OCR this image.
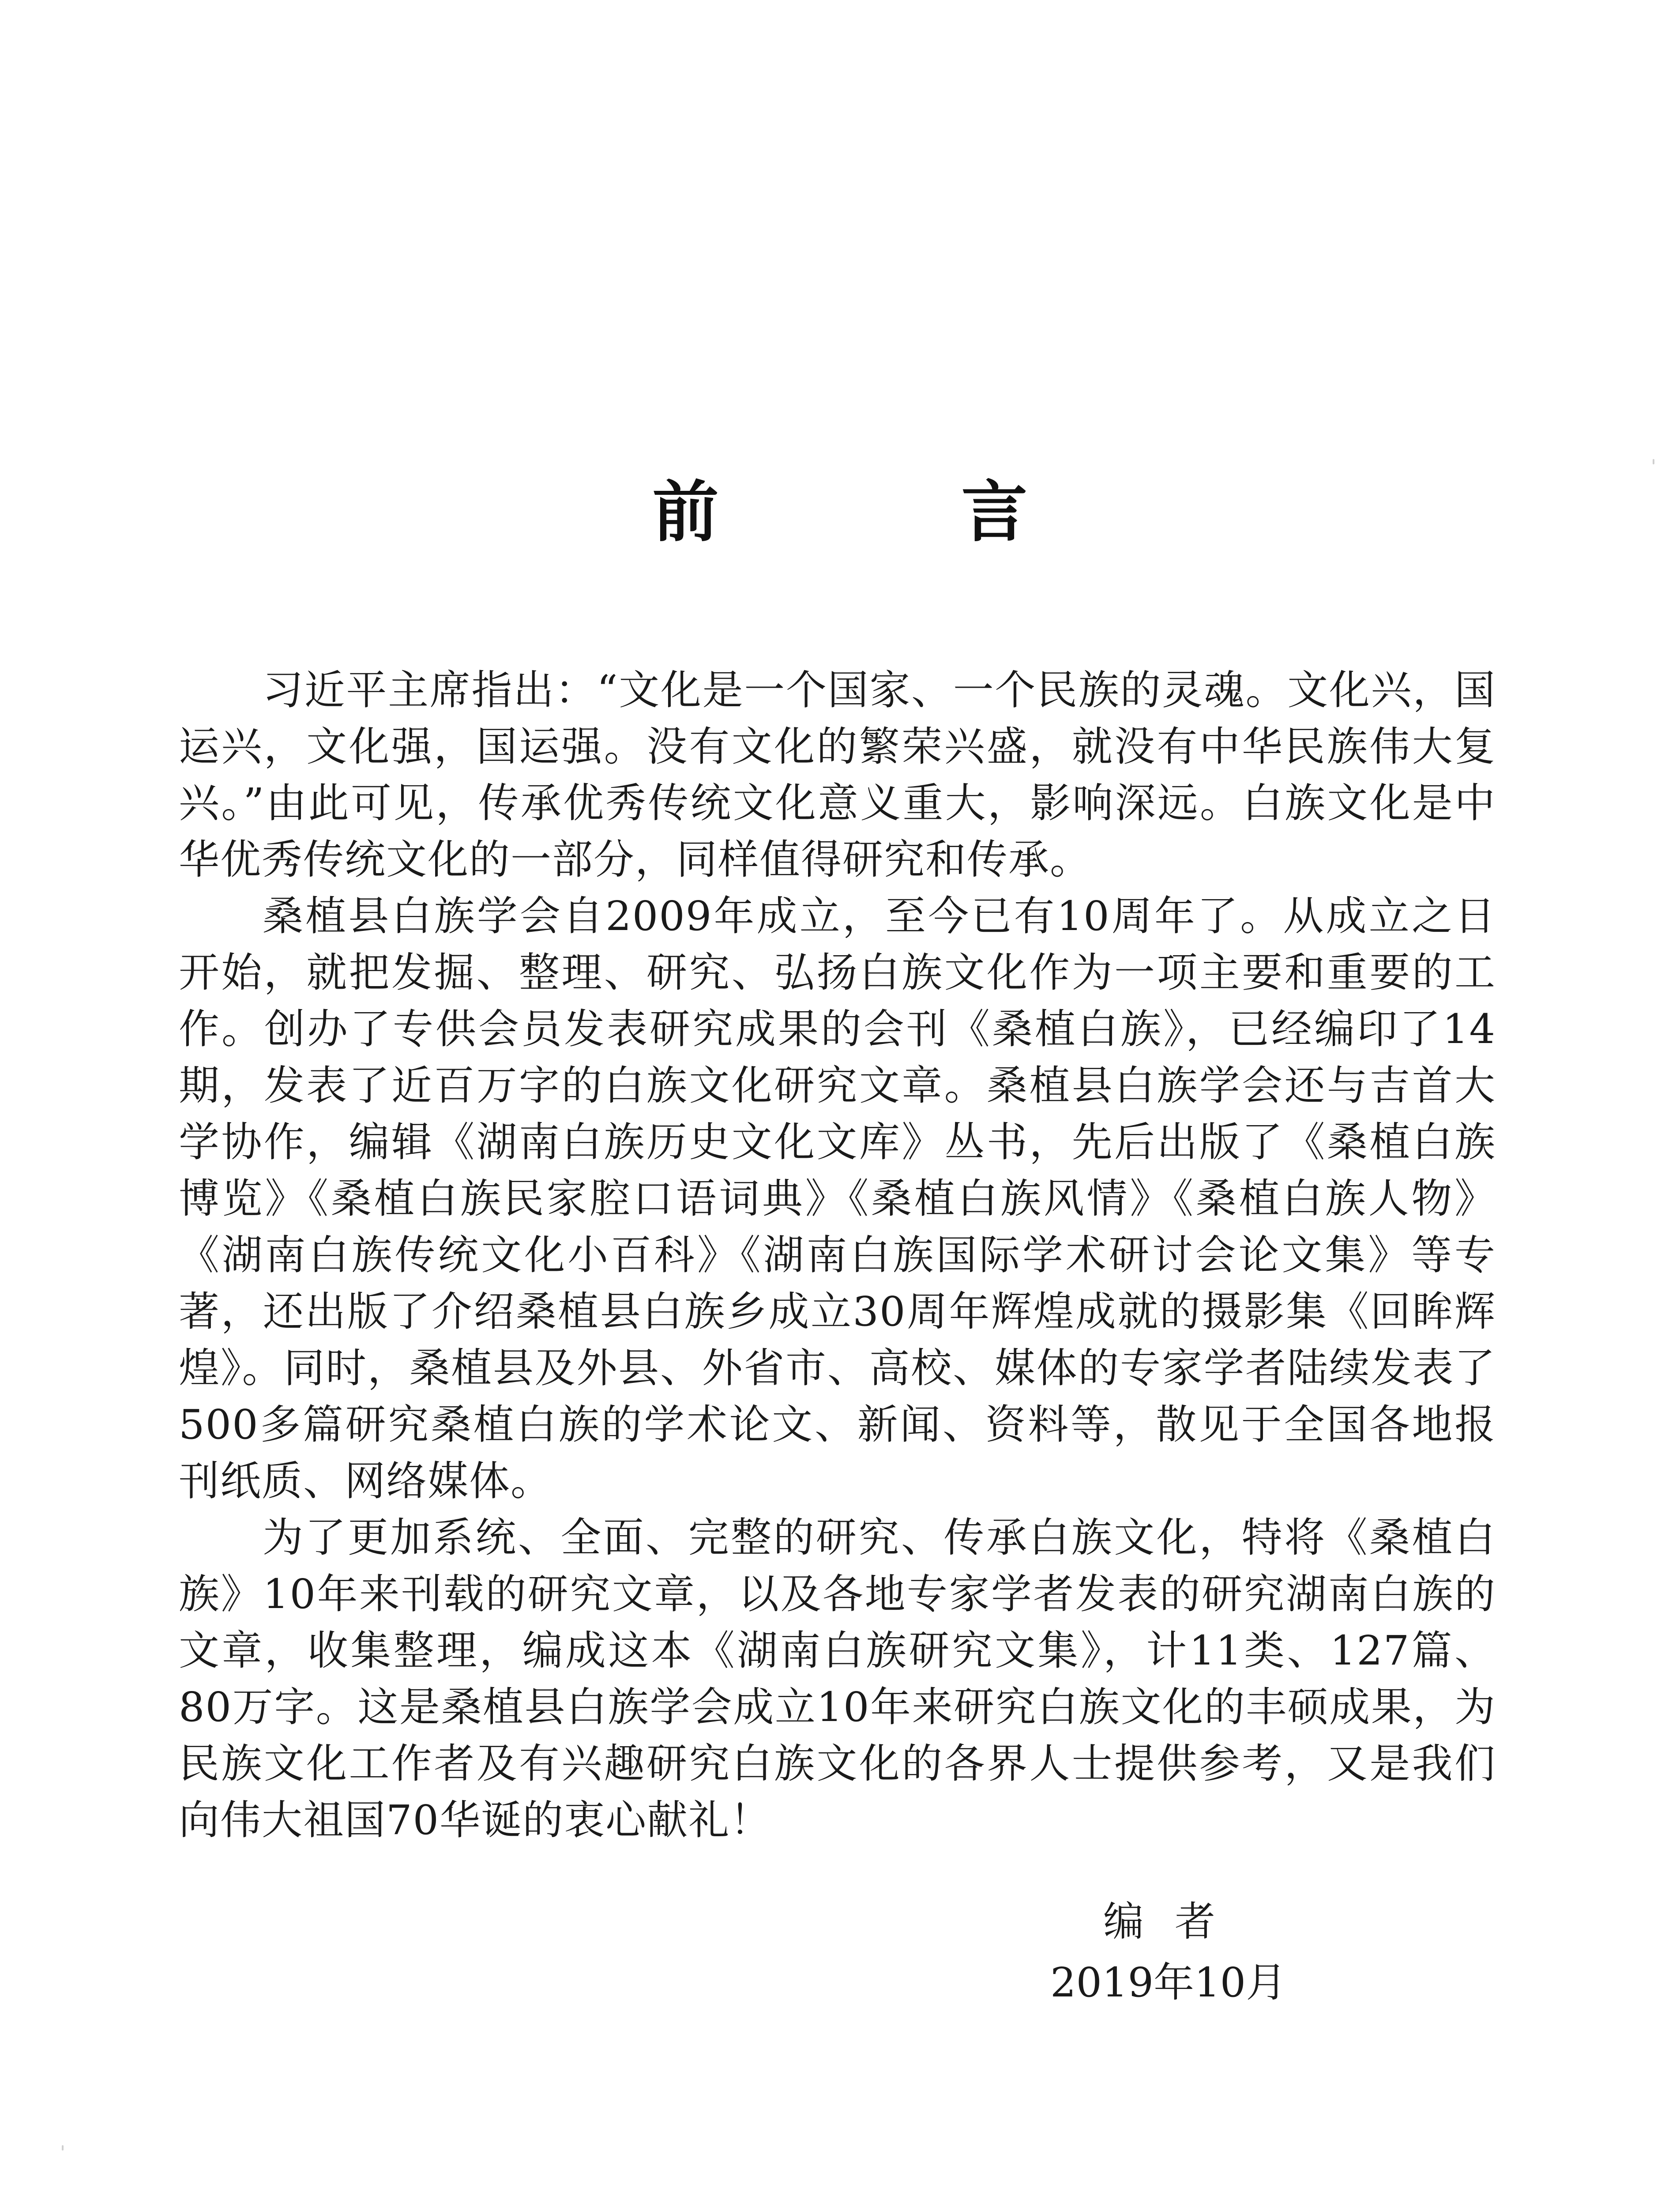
前　言

习近平主席指出：“文化是一个国家、一个民族的灵魂。文化兴，国运兴，文化强，国运强。没有文化的繁荣兴盛，就没有中华民族伟大复兴。”由此可见，传承优秀传统文化意义重大，影响深远。白族文化是中华优秀传统文化的一部分，同样值得研究和传承。

桑植县白族学会自2009年成立，至今已有10周年了。从成立之日开始，就把发掘、整理、研究、弘扬白族文化作为一项主要和重要的工作。创办了专供会员发表研究成果的会刊《桑植白族》，已经编印了14期，发表了近百万字的白族文化研究文章。桑植县白族学会还与吉首大学协作，编辑《湖南白族历史文化文库》丛书，先后出版了《桑植白族博览》《桑植白族民家腔口语词典》《桑植白族风情》《桑植白族人物》《湖南白族传统文化小百科》《湖南白族国际学术研讨会论文集》等专著，还出版了介绍桑植县白族乡成立30周年辉煌成就的摄影集《回眸辉煌》。同时，桑植县及外县、外省市、高校、媒体的专家学者陆续发表了500多篇研究桑植白族的学术论文、新闻、资料等，散见于全国各地报刊纸质、网络媒体。

为了更加系统、全面、完整的研究、传承白族文化，特将《桑植白族》10年来刊载的研究文章，以及各地专家学者发表的研究湖南白族的文章，收集整理，编成这本《湖南白族研究文集》，计11类、127篇、80万字。这是桑植县白族学会成立10年来研究白族文化的丰硕成果，为民族文化工作者及有兴趣研究白族文化的各界人士提供参考，又是我们向伟大祖国70华诞的衷心献礼！

编者
2019年10月
